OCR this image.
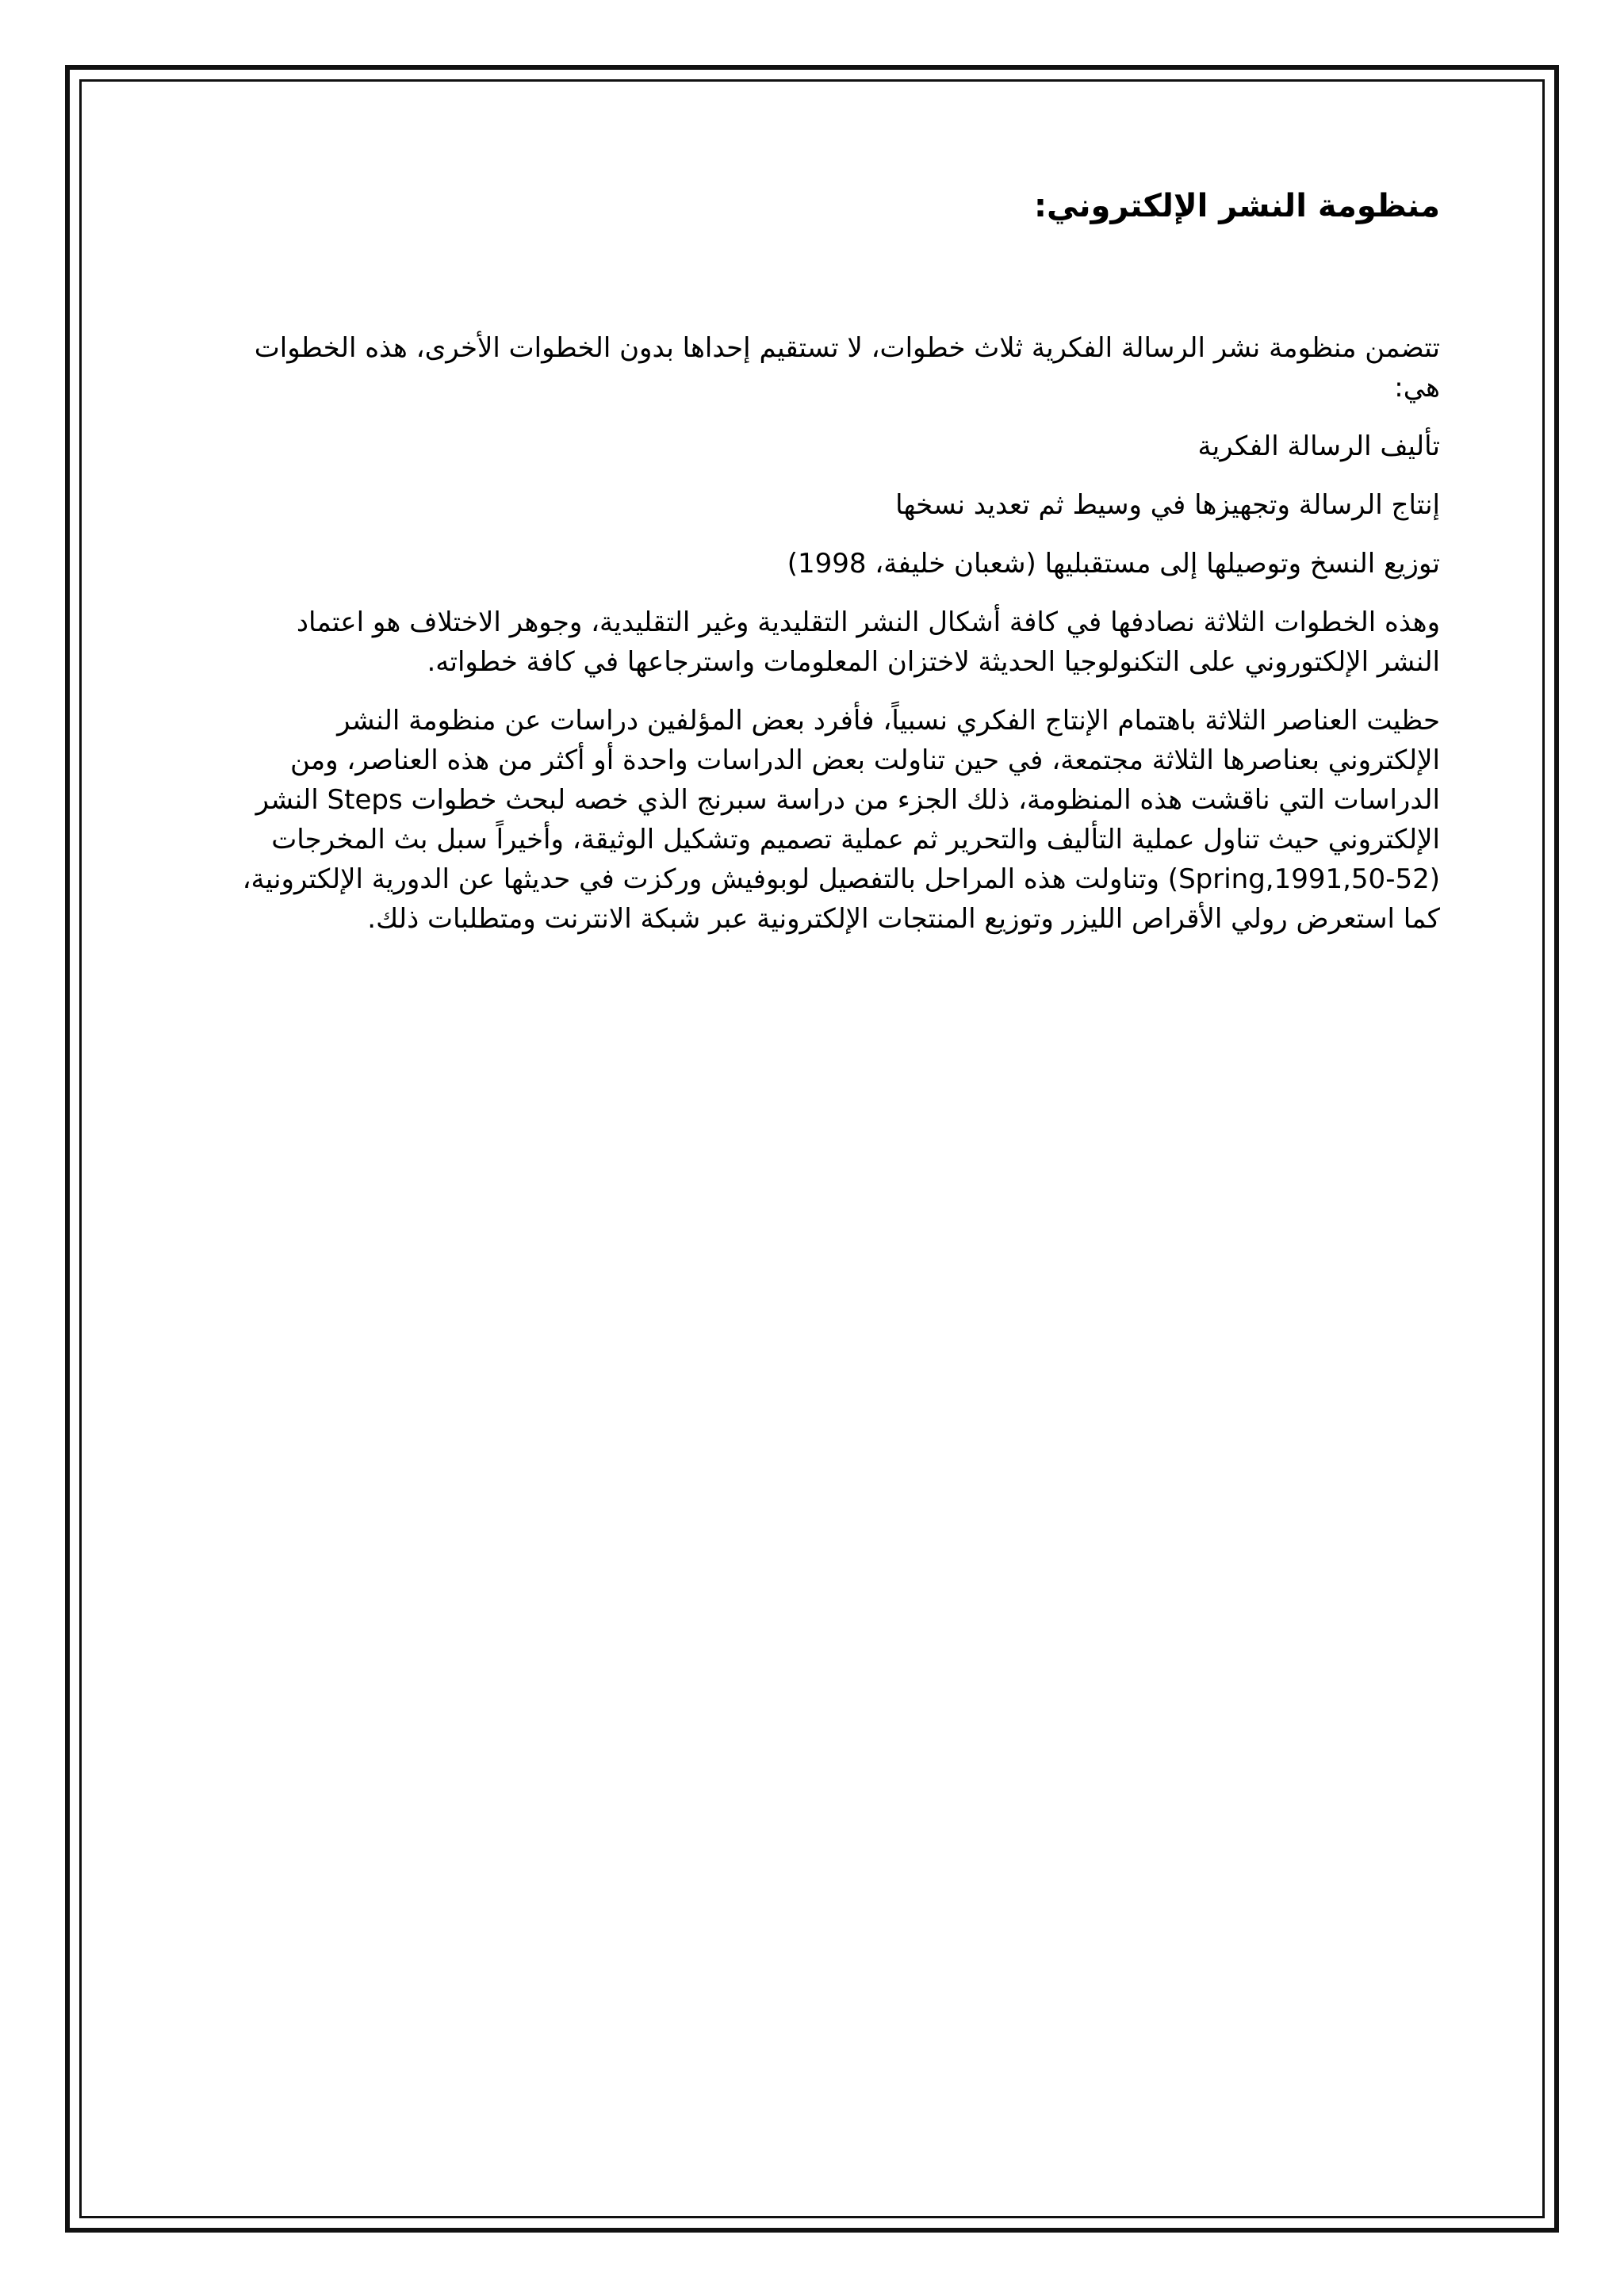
منظومة النشر الإلكتروني:
تتضمن منظومة نشر الرسالة الفكرية ثلاث خطوات، لا تستقيم إحداها بدون الخطوات الأخرى، هذه الخطوات هي:
تأليف الرسالة الفكرية
إنتاج الرسالة وتجهيزها في وسيط ثم تعديد نسخها
توزيع النسخ وتوصيلها إلى مستقبليها (شعبان خليفة، 1998)
وهذه الخطوات الثلاثة نصادفها في كافة أشكال النشر التقليدية وغير التقليدية، وجوهر الاختلاف هو اعتماد النشر الإلكتوروني على التكنولوجيا الحديثة لاختزان المعلومات واسترجاعها في كافة خطواته.
حظيت العناصر الثلاثة باهتمام الإنتاج الفكري نسبياً، فأفرد بعض المؤلفين دراسات عن منظومة النشر الإلكتروني بعناصرها الثلاثة مجتمعة، في حين تناولت بعض الدراسات واحدة أو أكثر من هذه العناصر، ومن الدراسات التي ناقشت هذه المنظومة، ذلك الجزء من دراسة سبرنج الذي خصه لبحث خطوات Steps النشر الإلكتروني حيث تناول عملية التأليف والتحرير ثم عملية تصميم وتشكيل الوثيقة، وأخيراً سبل بث المخرجات (Spring,1991,50-52) وتناولت هذه المراحل بالتفصيل لوبوفيش وركزت في حديثها عن الدورية الإلكترونية، كما استعرض رولي الأقراص الليزر وتوزيع المنتجات الإلكترونية عبر شبكة الانترنت ومتطلبات ذلك.
